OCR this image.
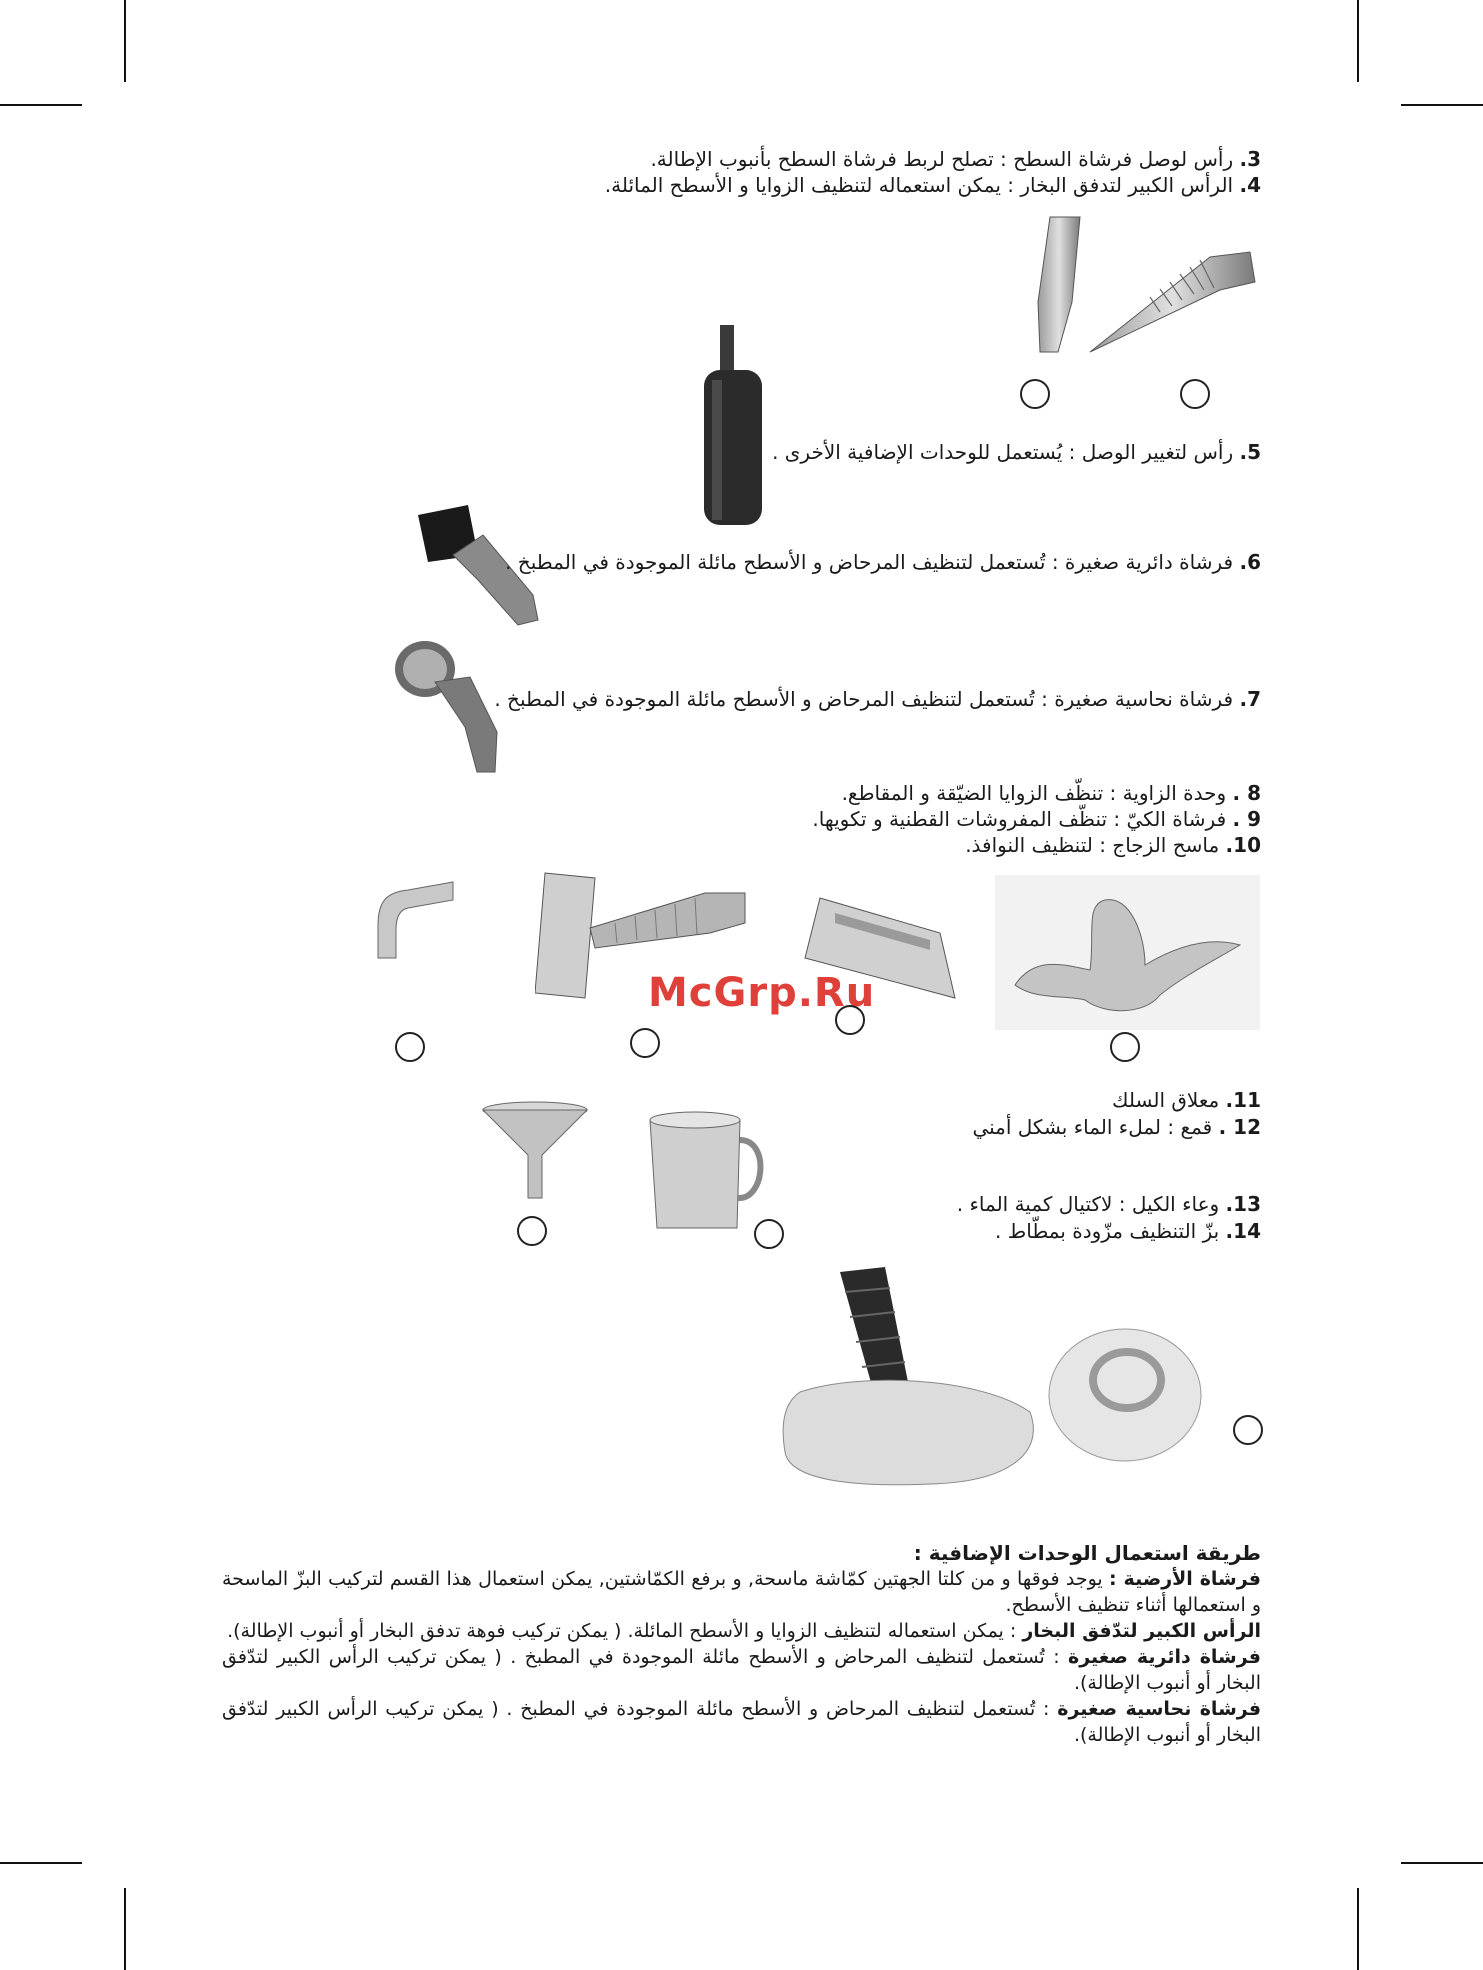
3. رأس لوصل فرشاة السطح : تصلح لربط فرشاة السطح بأنبوب الإطالة.
4. الرأس الكبير لتدفق البخار : يمكن استعماله لتنظيف الزوايا و الأسطح المائلة.
5. رأس لتغيير الوصل : يُستعمل للوحدات الإضافية الأخرى .
6. فرشاة دائرية صغيرة : تُستعمل لتنظيف المرحاض و الأسطح مائلة الموجودة في المطبخ .
7. فرشاة نحاسية صغيرة : تُستعمل لتنظيف المرحاض و الأسطح مائلة الموجودة في المطبخ .
8 . وحدة الزاوية : تنظّف الزوايا الضيّقة و المقاطع.
9 . فرشاة الكيّ : تنظّف المفروشات القطنية و تكويها.
10. ماسح الزجاج : لتنظيف النوافذ.
McGrp.Ru
11. معلاق السلك
12 . قمع : لملء الماء بشكل أمني
13. وعاء الكيل : لاكتيال كمية الماء .
14. بزّ التنظيف مزّودة بمطّاط .
طريقة استعمال الوحدات الإضافية :
فرشاة الأرضية : يوجد فوقها و من كلتا الجهتين كمّاشة ماسحة, و برفع الكمّاشتين, يمكن استعمال هذا القسم لتركيب البزّ الماسحة و استعمالها أثناء تنظيف الأسطح.
الرأس الكبير لتدّفق البخار : يمكن استعماله لتنظيف الزوايا و الأسطح المائلة. ( يمكن تركيب فوهة تدفق البخار أو أنبوب الإطالة).
فرشاة دائرية صغيرة : تُستعمل لتنظيف المرحاض و الأسطح مائلة الموجودة في المطبخ . ( يمكن تركيب الرأس الكبير لتدّفق البخار أو أنبوب الإطالة).
فرشاة نحاسية صغيرة : تُستعمل لتنظيف المرحاض و الأسطح مائلة الموجودة في المطبخ . ( يمكن تركيب الرأس الكبير لتدّفق البخار أو أنبوب الإطالة).
